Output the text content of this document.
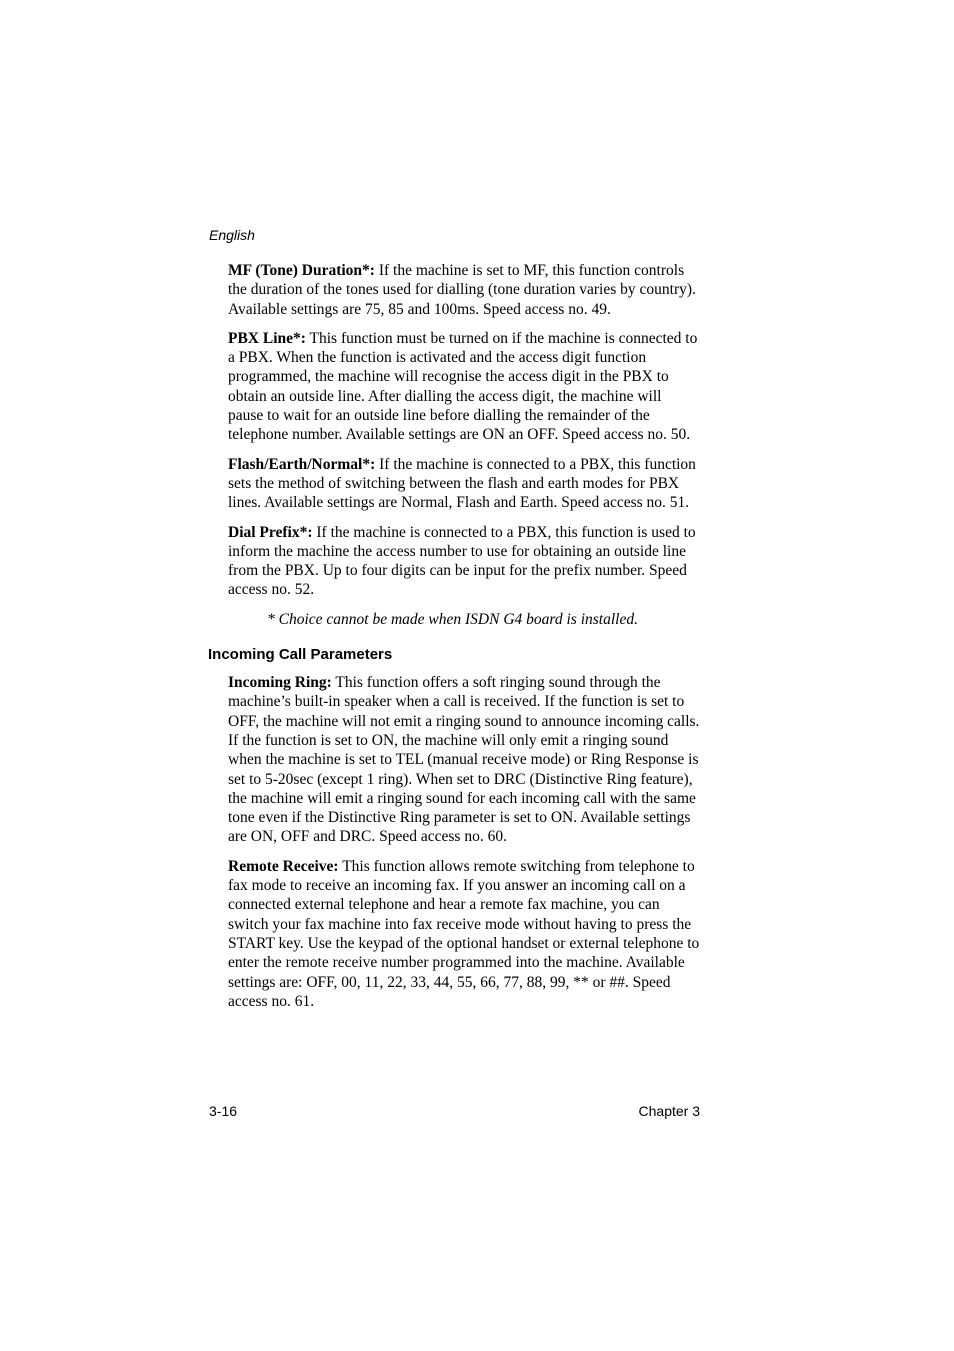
English

MF (Tone) Duration*: If the machine is set to MF, this function controls the duration of the tones used for dialling (tone duration varies by country). Available settings are 75, 85 and 100ms. Speed access no. 49.

PBX Line*: This function must be turned on if the machine is connected to a PBX. When the function is activated and the access digit function programmed, the machine will recognise the access digit in the PBX to obtain an outside line. After dialling the access digit, the machine will pause to wait for an outside line before dialling the remainder of the telephone number. Available settings are ON an OFF. Speed access no. 50.

Flash/Earth/Normal*: If the machine is connected to a PBX, this function sets the method of switching between the flash and earth modes for PBX lines. Available settings are Normal, Flash and Earth. Speed access no. 51.

Dial Prefix*: If the machine is connected to a PBX, this function is used to inform the machine the access number to use for obtaining an outside line from the PBX. Up to four digits can be input for the prefix number. Speed access no. 52.

* Choice cannot be made when ISDN G4 board is installed.

Incoming Call Parameters

Incoming Ring: This function offers a soft ringing sound through the machine’s built-in speaker when a call is received. If the function is set to OFF, the machine will not emit a ringing sound to announce incoming calls. If the function is set to ON, the machine will only emit a ringing sound when the machine is set to TEL (manual receive mode) or Ring Response is set to 5-20sec (except 1 ring). When set to DRC (Distinctive Ring feature), the machine will emit a ringing sound for each incoming call with the same tone even if the Distinctive Ring parameter is set to ON. Available settings are ON, OFF and DRC. Speed access no. 60.

Remote Receive: This function allows remote switching from telephone to fax mode to receive an incoming fax. If you answer an incoming call on a connected external telephone and hear a remote fax machine, you can switch your fax machine into fax receive mode without having to press the START key. Use the keypad of the optional handset or external telephone to enter the remote receive number programmed into the machine. Available settings are: OFF, 00, 11, 22, 33, 44, 55, 66, 77, 88, 99, ** or ##. Speed access no. 61.

3-16	Chapter 3
